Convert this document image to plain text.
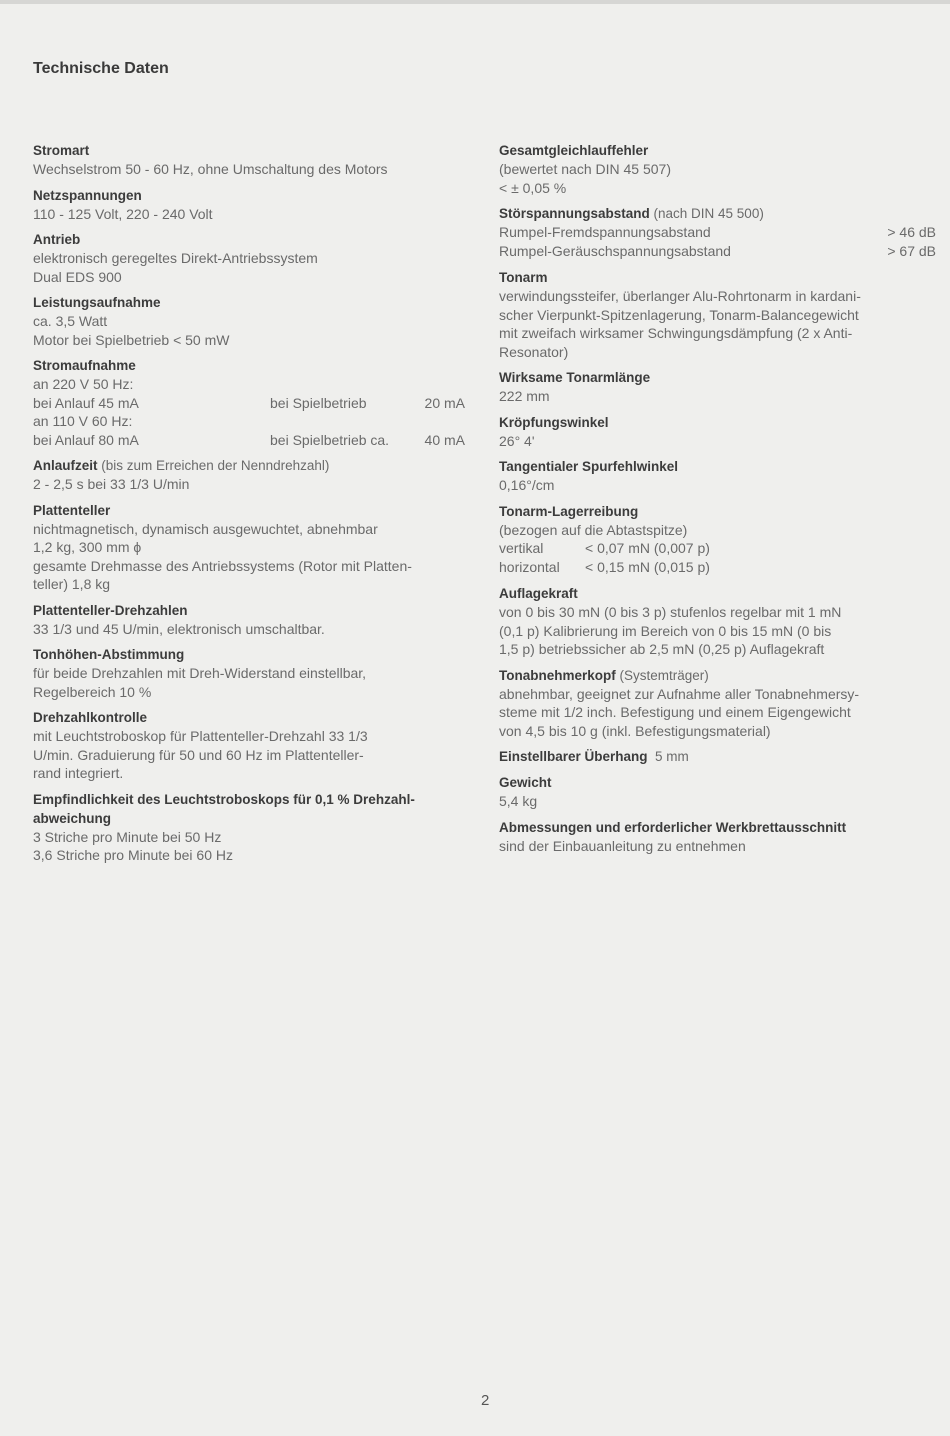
Technische Daten
Stromart
Wechselstrom 50 - 60 Hz, ohne Umschaltung des Motors
Netzspannungen
110 - 125 Volt, 220 - 240 Volt
Antrieb
elektronisch geregeltes Direkt-Antriebssystem
Dual EDS 900
Leistungsaufnahme
ca. 3,5 Watt
Motor bei Spielbetrieb < 50 mW
Stromaufnahme
an 220 V 50 Hz:
bei Anlauf 45 mA	bei Spielbetrieb	20 mA
an 110 V 60 Hz:
bei Anlauf 80 mA	bei Spielbetrieb ca.	40 mA
Anlaufzeit (bis zum Erreichen der Nenndrehzahl)
2 - 2,5 s bei 33 1/3 U/min
Plattenteller
nichtmagnetisch, dynamisch ausgewuchtet, abnehmbar
1,2 kg, 300 mm ϕ
gesamte Drehmasse des Antriebssystems (Rotor mit Platten-
teller) 1,8 kg
Plattenteller-Drehzahlen
33 1/3 und 45 U/min, elektronisch umschaltbar.
Tonhöhen-Abstimmung
für beide Drehzahlen mit Dreh-Widerstand einstellbar,
Regelbereich 10 %
Drehzahlkontrolle
mit Leuchtstroboskop für Plattenteller-Drehzahl 33 1/3
U/min. Graduierung für 50 und 60 Hz im Plattenteller-
rand integriert.
Empfindlichkeit des Leuchtstroboskops für 0,1 % Drehzahl-
abweichung
3 Striche pro Minute bei 50 Hz
3,6 Striche pro Minute bei 60 Hz
Gesamtgleichlauffehler
(bewertet nach DIN 45 507)
< ± 0,05 %
Störspannungsabstand (nach DIN 45 500)
Rumpel-Fremdspannungsabstand	> 46 dB
Rumpel-Geräuschspannungsabstand	> 67 dB
Tonarm
verwindungssteifer, überlanger Alu-Rohrtonarm in kardani-
scher Vierpunkt-Spitzenlagerung, Tonarm-Balancegewicht
mit zweifach wirksamer Schwingungsdämpfung (2 x Anti-
Resonator)
Wirksame Tonarmlänge
222 mm
Kröpfungswinkel
26° 4'
Tangentialer Spurfehlwinkel
0,16°/cm
Tonarm-Lagerreibung
(bezogen auf die Abtastspitze)
vertikal	< 0,07 mN (0,007 p)
horizontal	< 0,15 mN (0,015 p)
Auflagekraft
von 0 bis 30 mN (0 bis 3 p) stufenlos regelbar mit 1 mN
(0,1 p) Kalibrierung im Bereich von 0 bis 15 mN (0 bis
1,5 p) betriebssicher ab 2,5 mN (0,25 p) Auflagekraft
Tonabnehmerkopf (Systemträger)
abnehmbar, geeignet zur Aufnahme aller Tonabnehmersy-
steme mit 1/2 inch. Befestigung und einem Eigengewicht
von 4,5 bis 10 g (inkl. Befestigungsmaterial)
Einstellbarer Überhang  5 mm
Gewicht
5,4 kg
Abmessungen und erforderlicher Werkbrettausschnitt
sind der Einbauanleitung zu entnehmen
2
